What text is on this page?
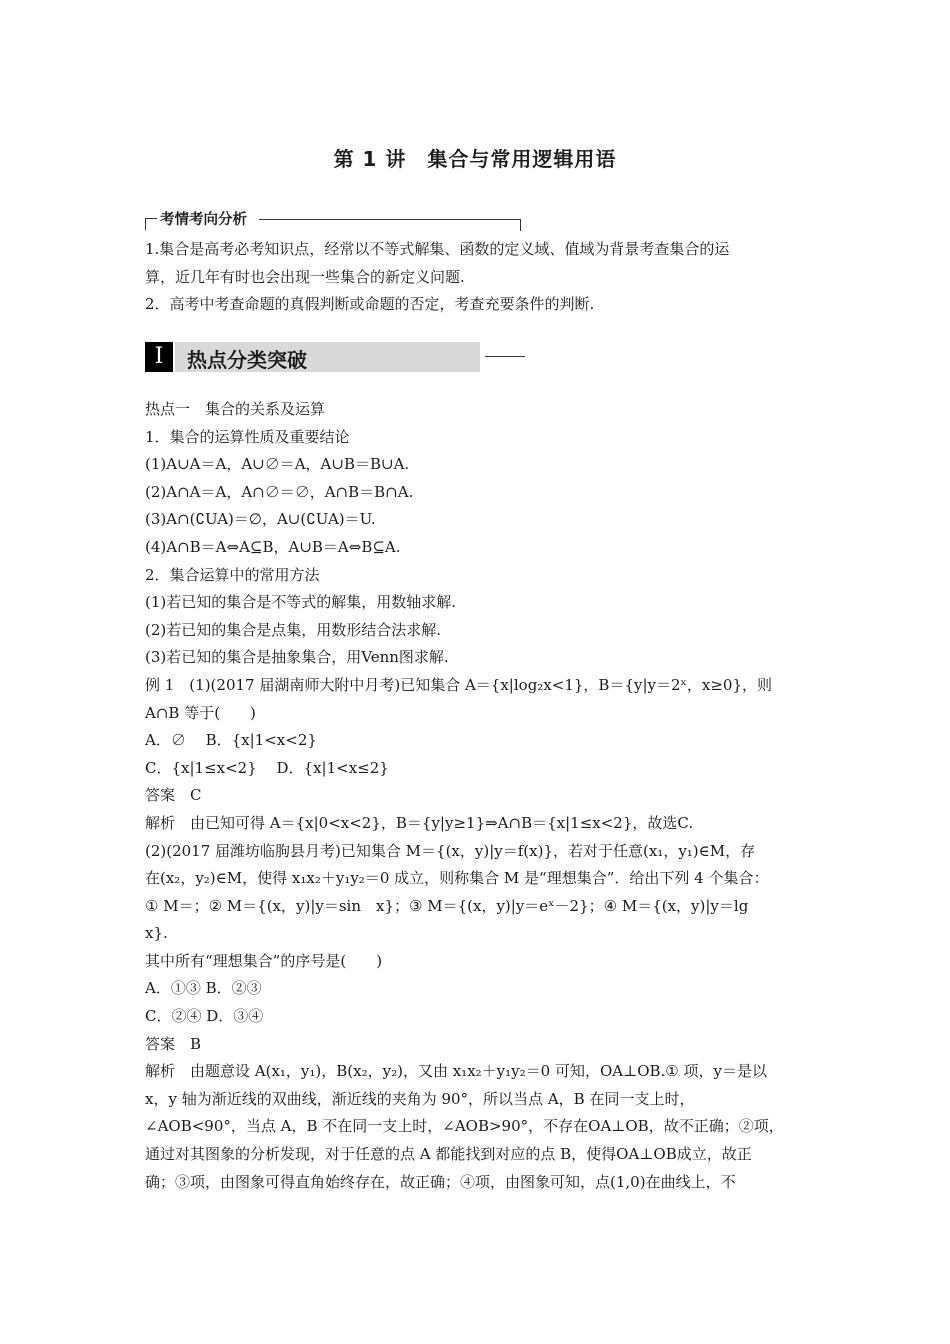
第 1 讲　集合与常用逻辑用语
考情考向分析
1.集合是高考必考知识点，经常以不等式解集、函数的定义域、值域为背景考查集合的运
算，近几年有时也会出现一些集合的新定义问题.
2．高考中考查命题的真假判断或命题的否定，考查充要条件的判断.
I	热点分类突破
热点一　集合的关系及运算
1．集合的运算性质及重要结论
(1)A∪A＝A，A∪∅＝A，A∪B＝B∪A.
(2)A∩A＝A，A∩∅＝∅，A∩B＝B∩A.
(3)A∩(∁UA)＝∅，A∪(∁UA)＝U.
(4)A∩B＝A⇔A⊆B，A∪B＝A⇔B⊆A.
2．集合运算中的常用方法
(1)若已知的集合是不等式的解集，用数轴求解.
(2)若已知的集合是点集，用数形结合法求解.
(3)若已知的集合是抽象集合，用Venn图求解.
例 1　(1)(2017 届湖南师大附中月考)已知集合 A＝{x|log₂x<1}，B＝{y|y＝2ˣ，x≥0}，则
A∩B 等于(　　)
A．∅　 B．{x|1<x<2}
C．{x|1≤x<2}　 D．{x|1<x≤2}
答案　C
解析　由已知可得 A＝{x|0<x<2}，B＝{y|y≥1}⇒A∩B＝{x|1≤x<2}，故选C.
(2)(2017 届潍坊临朐县月考)已知集合 M＝{(x，y)|y＝f(x)}，若对于任意(x₁，y₁)∈M，存
在(x₂，y₂)∈M，使得 x₁x₂＋y₁y₂＝0 成立，则称集合 M 是“理想集合”．给出下列 4 个集合：
① M＝；② M＝{(x，y)|y＝sin　x}；③ M＝{(x，y)|y＝eˣ－2}；④ M＝{(x，y)|y＝lg
x}.
其中所有“理想集合”的序号是(　　)
A．①③ B．②③
C．②④ D．③④
答案　B
解析　由题意设 A(x₁，y₁)，B(x₂，y₂)，又由 x₁x₂＋y₁y₂＝0 可知，OA⊥OB.① 项，y＝是以
x，y 轴为渐近线的双曲线，渐近线的夹角为 90°，所以当点 A，B 在同一支上时，
∠AOB<90°，当点 A，B 不在同一支上时，∠AOB>90°，不存在OA⊥OB，故不正确；②项，
通过对其图象的分析发现，对于任意的点 A 都能找到对应的点 B，使得OA⊥OB成立，故正
确；③项，由图象可得直角始终存在，故正确；④项，由图象可知，点(1,0)在曲线上，不
